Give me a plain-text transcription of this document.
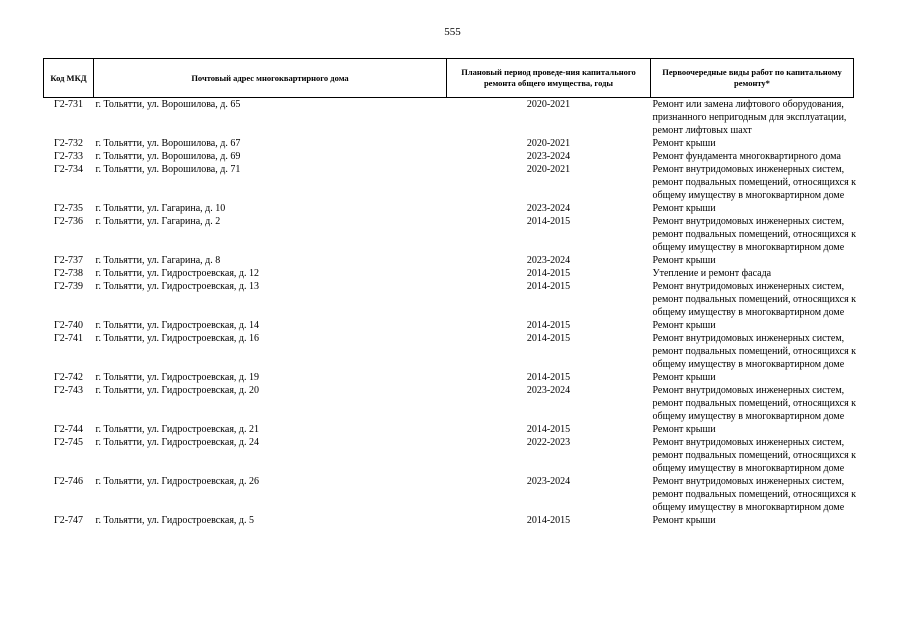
555
Код МКД	Почтовый адрес многоквартирного дома	Плановый период проведе-ния капитального ремонта общего имущества, годы	Первоочередные виды работ по капитальному ремонту*
Г2-731	г. Тольятти, ул. Ворошилова, д. 65	2020-2021	Ремонт или замена лифтового оборудования,
признанного непригодным для эксплуатации,
ремонт лифтовых шахт

Г2-732	г. Тольятти, ул. Ворошилова, д. 67	2020-2021	Ремонт крыши

Г2-733	г. Тольятти, ул. Ворошилова, д. 69	2023-2024	Ремонт фундамента многоквартирного дома

Г2-734	г. Тольятти, ул. Ворошилова, д. 71	2020-2021	Ремонт внутридомовых инженерных систем,
ремонт подвальных помещений, относящихся к
общему имуществу в многоквартирном доме

Г2-735	г. Тольятти, ул. Гагарина, д. 10	2023-2024	Ремонт крыши

Г2-736	г. Тольятти, ул. Гагарина, д. 2	2014-2015	Ремонт внутридомовых инженерных систем,
ремонт подвальных помещений, относящихся к
общему имуществу в многоквартирном доме

Г2-737	г. Тольятти, ул. Гагарина, д. 8	2023-2024	Ремонт крыши

Г2-738	г. Тольятти, ул. Гидростроевская, д. 12	2014-2015	Утепление и ремонт фасада

Г2-739	г. Тольятти, ул. Гидростроевская, д. 13	2014-2015	Ремонт внутридомовых инженерных систем,
ремонт подвальных помещений, относящихся к
общему имуществу в многоквартирном доме

Г2-740	г. Тольятти, ул. Гидростроевская, д. 14	2014-2015	Ремонт крыши

Г2-741	г. Тольятти, ул. Гидростроевская, д. 16	2014-2015	Ремонт внутридомовых инженерных систем,
ремонт подвальных помещений, относящихся к
общему имуществу в многоквартирном доме

Г2-742	г. Тольятти, ул. Гидростроевская, д. 19	2014-2015	Ремонт крыши

Г2-743	г. Тольятти, ул. Гидростроевская, д. 20	2023-2024	Ремонт внутридомовых инженерных систем,
ремонт подвальных помещений, относящихся к
общему имуществу в многоквартирном доме

Г2-744	г. Тольятти, ул. Гидростроевская, д. 21	2014-2015	Ремонт крыши

Г2-745	г. Тольятти, ул. Гидростроевская, д. 24	2022-2023	Ремонт внутридомовых инженерных систем,
ремонт подвальных помещений, относящихся к
общему имуществу в многоквартирном доме

Г2-746	г. Тольятти, ул. Гидростроевская, д. 26	2023-2024	Ремонт внутридомовых инженерных систем,
ремонт подвальных помещений, относящихся к
общему имуществу в многоквартирном доме

Г2-747	г. Тольятти, ул. Гидростроевская, д. 5	2014-2015	Ремонт крыши
